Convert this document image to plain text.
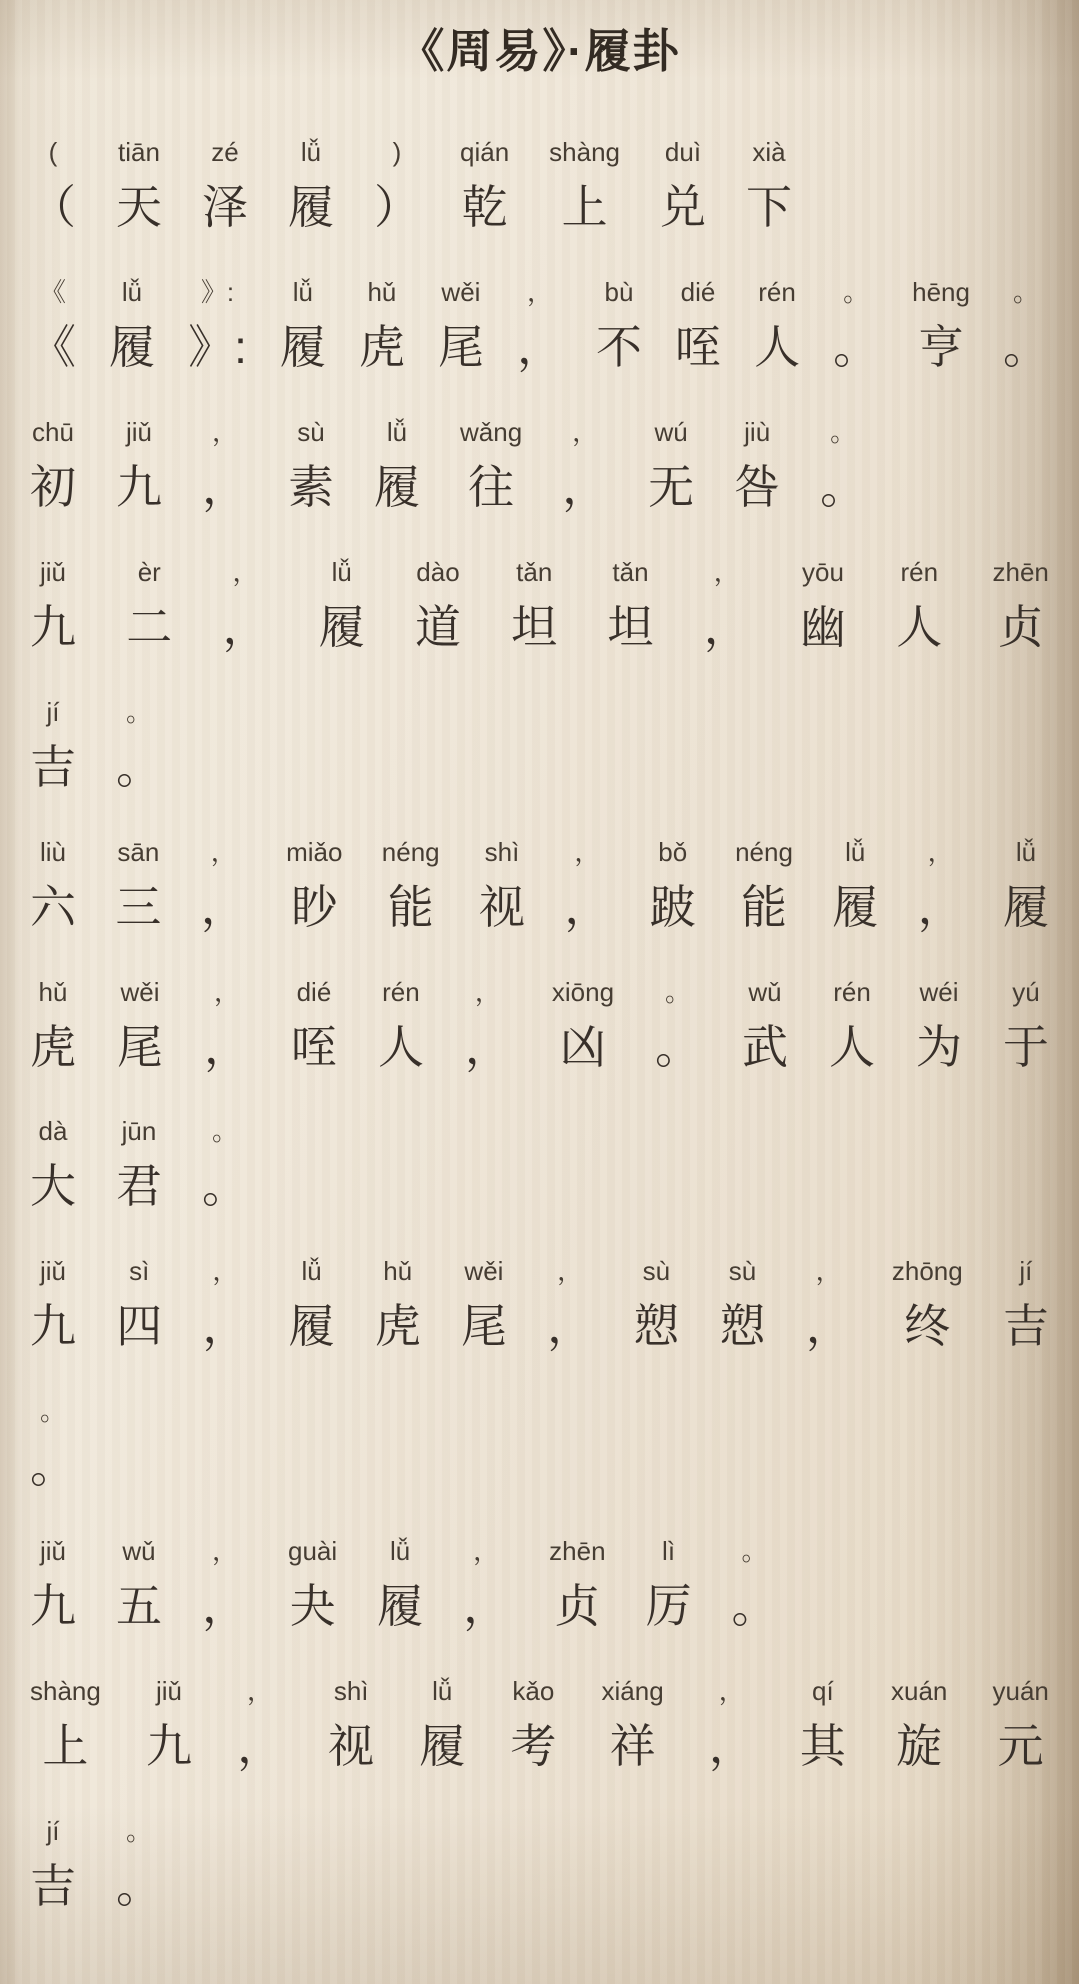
《周易》·履卦
(
（
tiān
天
zé
泽
lǚ
履
)
）
qián
乾
shàng
上
duì
兑
xià
下
《
《
lǚ
履
》:
》:
lǚ
履
hǔ
虎
wěi
尾
，
，
bù
不
dié
咥
rén
人
。
。
hēng
亨
。
。
chū
初
jiǔ
九
，
，
sù
素
lǚ
履
wǎng
往
，
，
wú
无
jiù
咎
。
。
jiǔ
九
èr
二
，
，
lǚ
履
dào
道
tǎn
坦
tǎn
坦
，
，
yōu
幽
rén
人
zhēn
贞
jí
吉
。
。
liù
六
sān
三
，
，
miǎo
眇
néng
能
shì
视
，
，
bǒ
跛
néng
能
lǚ
履
，
，
lǚ
履
hǔ
虎
wěi
尾
，
，
dié
咥
rén
人
，
，
xiōng
凶
。
。
wǔ
武
rén
人
wéi
为
yú
于
dà
大
jūn
君
。
。
jiǔ
九
sì
四
，
，
lǚ
履
hǔ
虎
wěi
尾
，
，
sù
愬
sù
愬
，
，
zhōng
终
jí
吉
。
。
jiǔ
九
wǔ
五
，
，
guài
夬
lǚ
履
，
，
zhēn
贞
lì
厉
。
。
shàng
上
jiǔ
九
，
，
shì
视
lǚ
履
kǎo
考
xiáng
祥
，
，
qí
其
xuán
旋
yuán
元
jí
吉
。
。
